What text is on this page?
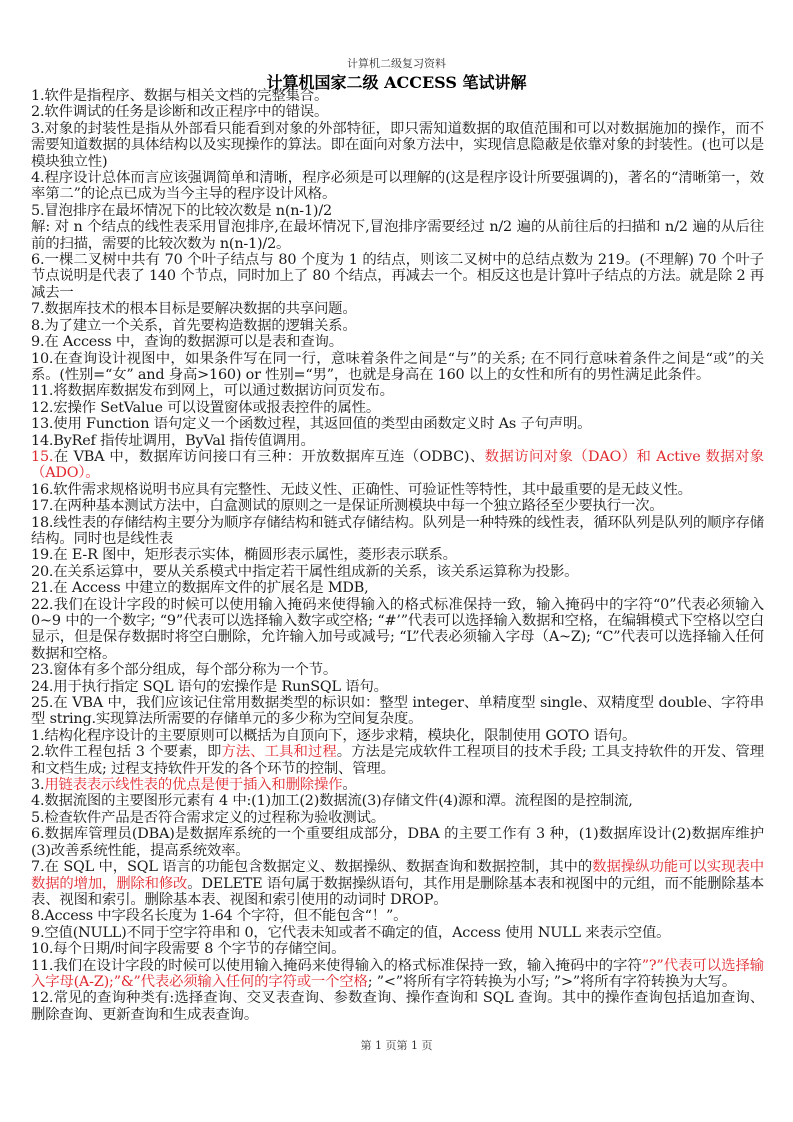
计算机二级复习资料
计算机国家二级 ACCESS 笔试讲解

1.软件是指程序、数据与相关文档的完整集合。

2.软件调试的任务是诊断和改正程序中的错误。

3.对象的封装性是指从外部看只能看到对象的外部特征，即只需知道数据的取值范围和可以对数据施加的操作，而不需要知道数据的具体结构以及实现操作的算法。即在面向对象方法中，实现信息隐蔽是依靠对象的封装性。(也可以是模块独立性)

4.程序设计总体而言应该强调简单和清晰，程序必须是可以理解的(这是程序设计所要强调的)，著名的“清晰第一，效率第二”的论点已成为当今主导的程序设计风格。

5.冒泡排序在最坏情况下的比较次数是 n(n-1)/2

解: 对 n 个结点的线性表采用冒泡排序,在最坏情况下,冒泡排序需要经过 n/2 遍的从前往后的扫描和 n/2 遍的从后往前的扫描，需要的比较次数为 n(n-1)/2。

6.一棵二叉树中共有 70 个叶子结点与 80 个度为 1 的结点，则该二叉树中的总结点数为 219。(不理解) 70 个叶子节点说明是代表了 140 个节点，同时加上了 80 个结点，再减去一个。相反这也是计算叶子结点的方法。就是除 2 再减去一

7.数据库技术的根本目标是要解决数据的共享问题。

8.为了建立一个关系，首先要构造数据的逻辑关系。

9.在 Access 中，查询的数据源可以是表和查询。

10.在查询设计视图中，如果条件写在同一行，意味着条件之间是“与”的关系; 在不同行意味着条件之间是“或”的关系。(性别=“女” and 身高>160) or 性别=“男”，也就是身高在 160 以上的女性和所有的男性满足此条件。

11.将数据库数据发布到网上，可以通过数据访问页发布。

12.宏操作 SetValue 可以设置窗体或报表控件的属性。

13.使用 Function 语句定义一个函数过程，其返回值的类型由函数定义时 As 子句声明。

14.ByRef 指传址调用，ByVal 指传值调用。

15.在 VBA 中，数据库访问接口有三种：开放数据库互连（ODBC)、数据访问对象（DAO）和 Active 数据对象（ADO）。

16.软件需求规格说明书应具有完整性、无歧义性、正确性、可验证性等特性，其中最重要的是无歧义性。

17.在两种基本测试方法中，白盒测试的原则之一是保证所测模块中每一个独立路径至少要执行一次。

18.线性表的存储结构主要分为顺序存储结构和链式存储结构。队列是一种特殊的线性表，循环队列是队列的顺序存储结构。同时也是线性表

19.在 E-R 图中，矩形表示实体，椭圆形表示属性，菱形表示联系。

20.在关系运算中，要从关系模式中指定若干属性组成新的关系，该关系运算称为投影。

21.在 Access 中建立的数据库文件的扩展名是 MDB,

22.我们在设计字段的时候可以使用输入掩码来使得输入的格式标准保持一致，输入掩码中的字符“0”代表必须输入 0~9 中的一个数字; “9”代表可以选择输入数字或空格; “#’”代表可以选择输入数据和空格，在编辑模式下空格以空白显示，但是保存数据时将空白删除，允许输入加号或减号; “L”代表必须输入字母（A~Z); “C”代表可以选择输入任何数据和空格。

23.窗体有多个部分组成，每个部分称为一个节。

24.用于执行指定 SQL 语句的宏操作是 RunSQL 语句。

25.在 VBA 中，我们应该记住常用数据类型的标识如：整型 integer、单精度型 single、双精度型 double、字符串型 string.实现算法所需要的存储单元的多少称为空间复杂度。

1.结构化程序设计的主要原则可以概括为自顶向下，逐步求精，模块化，限制使用 GOTO 语句。

2.软件工程包括 3 个要素，即方法、工具和过程。方法是完成软件工程项目的技术手段; 工具支持软件的开发、管理和文档生成; 过程支持软件开发的各个环节的控制、管理。

3.用链表表示线性表的优点是便于插入和删除操作。

4.数据流图的主要图形元素有 4 中:(1)加工(2)数据流(3)存储文件(4)源和潭。流程图的是控制流,

5.检查软件产品是否符合需求定义的过程称为验收测试。

6.数据库管理员(DBA)是数据库系统的一个重要组成部分，DBA 的主要工作有 3 种，(1)数据库设计(2)数据库维护(3)改善系统性能，提高系统效率。

7.在 SQL 中，SQL 语言的功能包含数据定义、数据操纵、数据查询和数据控制，其中的数据操纵功能可以实现表中数据的增加，删除和修改。DELETE 语句属于数据操纵语句，其作用是删除基本表和视图中的元组，而不能删除基本表、视图和索引。删除基本表、视图和索引使用的动词时 DROP。

8.Access 中字段名长度为 1-64 个字符，但不能包含“！”。

9.空值(NULL)不同于空字符串和 0，它代表未知或者不确定的值，Access 使用 NULL 来表示空值。

10.每个日期/时间字段需要 8 个字节的存储空间。

11.我们在设计字段的时候可以使用输入掩码来使得输入的格式标准保持一致，输入掩码中的字符”?”代表可以选择输入字母(A-Z);”&”代表必须输入任何的字符或一个空格; ”<”将所有字符转换为小写; ”>”将所有字符转换为大写。

12.常见的查询种类有:选择查询、交叉表查询、参数查询、操作查询和 SQL 查询。其中的操作查询包括追加查询、删除查询、更新查询和生成表查询。

第 1 页第 1 页
